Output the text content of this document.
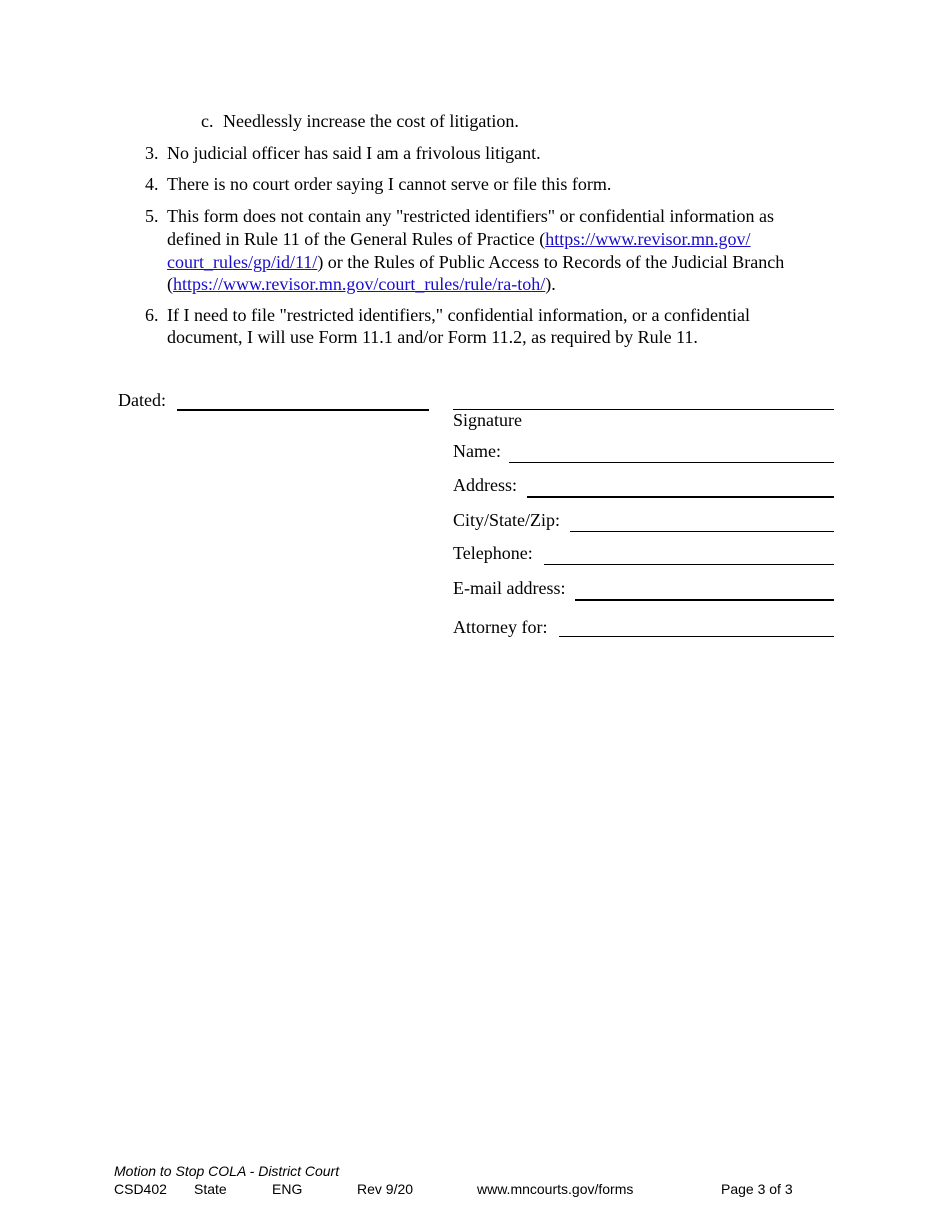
c. Needlessly increase the cost of litigation.
3. No judicial officer has said I am a frivolous litigant.
4. There is no court order saying I cannot serve or file this form.
5. This form does not contain any "restricted identifiers" or confidential information as
defined in Rule 11 of the General Rules of Practice (https://www.revisor.mn.gov/
court_rules/gp/id/11/) or the Rules of Public Access to Records of the Judicial Branch
(https://www.revisor.mn.gov/court_rules/rule/ra-toh/).
6. If I need to file "restricted identifiers," confidential information, or a confidential
document, I will use Form 11.1 and/or Form 11.2, as required by Rule 11.
Dated:
Signature
Name:
Address:
City/State/Zip:
Telephone:
E-mail address:
Attorney for:
Motion to Stop COLA - District Court
CSD402 State	ENG	Rev 9/20	www.mncourts.gov/forms	Page 3 of 3
